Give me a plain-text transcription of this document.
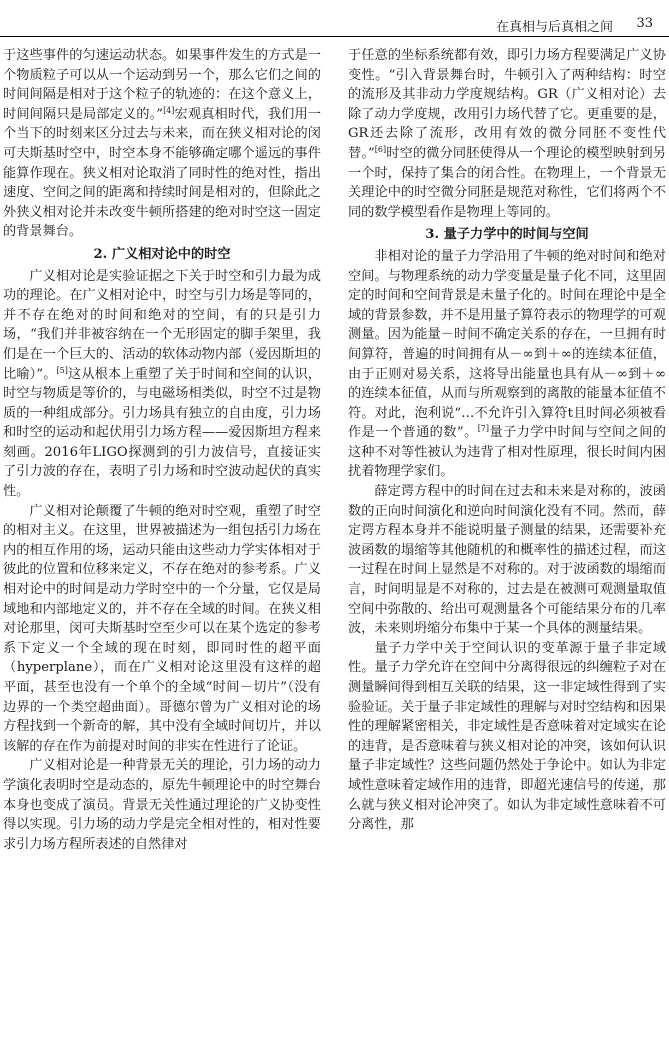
在真相与后真相之间 33

于这些事件的匀速运动状态。如果事件发生的方式是一个物质粒子可以从一个运动到另一个，那么它们之间的时间间隔是相对于这个粒子的轨迹的：在这个意义上，时间间隔只是局部定义的。”[4]宏观真相时代，我们用一个当下的时刻来区分过去与未来，而在狭义相对论的闵可夫斯基时空中，时空本身不能够确定哪个遥远的事件能算作现在。狭义相对论取消了同时性的绝对性，指出速度、空间之间的距离和持续时间是相对的，但除此之外狭义相对论并未改变牛顿所搭建的绝对时空这一固定的背景舞台。

2. 广义相对论中的时空

广义相对论是实验证据之下关于时空和引力最为成功的理论。在广义相对论中，时空与引力场是等同的，并不存在绝对的时间和绝对的空间，有的只是引力场，“我们并非被容纳在一个无形固定的脚手架里，我们是在一个巨大的、活动的软体动物内部（爱因斯坦的比喻）”。[5]这从根本上重塑了关于时间和空间的认识，时空与物质是等价的，与电磁场相类似，时空不过是物质的一种组成部分。引力场具有独立的自由度，引力场和时空的运动和起伏用引力场方程——爱因斯坦方程来刻画。2016年LIGO探测到的引力波信号，直接证实了引力波的存在，表明了引力场和时空波动起伏的真实性。

广义相对论颠覆了牛顿的绝对时空观，重塑了时空的相对主义。在这里，世界被描述为一组包括引力场在内的相互作用的场，运动只能由这些动力学实体相对于彼此的位置和位移来定义，不存在绝对的参考系。广义相对论中的时间是动力学时空中的一个分量，它仅是局域地和内部地定义的，并不存在全域的时间。在狭义相对论那里，闵可夫斯基时空至少可以在某个选定的参考系下定义一个全域的现在时刻，即同时性的超平面（hyperplane），而在广义相对论这里没有这样的超平面，甚至也没有一个单个的全域“时间－切片”（没有边界的一个类空超曲面）。哥德尔曾为广义相对论的场方程找到一个新奇的解，其中没有全域时间切片，并以该解的存在作为前提对时间的非实在性进行了论证。

广义相对论是一种背景无关的理论，引力场的动力学演化表明时空是动态的，原先牛顿理论中的时空舞台本身也变成了演员。背景无关性通过理论的广义协变性得以实现。引力场的动力学是完全相对性的，相对性要求引力场方程所表述的自然律对

于任意的坐标系统都有效，即引力场方程要满足广义协变性。“引入背景舞台时，牛顿引入了两种结构：时空的流形及其非动力学度规结构。GR（广义相对论）去除了动力学度规，改用引力场代替了它。更重要的是，GR还去除了流形，改用有效的微分同胚不变性代替。”[6]时空的微分同胚使得从一个理论的模型映射到另一个时，保持了集合的闭合性。在物理上，一个背景无关理论中的时空微分同胚是规范对称性，它们将两个不同的数学模型看作是物理上等同的。

3. 量子力学中的时间与空间

非相对论的量子力学沿用了牛顿的绝对时间和绝对空间。与物理系统的动力学变量是量子化不同，这里固定的时间和空间背景是未量子化的。时间在理论中是全域的背景参数，并不是用量子算符表示的物理学的可观测量。因为能量－时间不确定关系的存在，一旦拥有时间算符，普遍的时间拥有从－∞到＋∞的连续本征值，由于正则对易关系，这将导出能量也具有从－∞到＋∞的连续本征值，从而与所观察到的离散的能量本征值不符。对此，泡利说“…不允许引入算符t且时间必须被看作是一个普通的数”。[7]量子力学中时间与空间之间的这种不对等性被认为违背了相对性原理，很长时间内困扰着物理学家们。

薛定谔方程中的时间在过去和未来是对称的，波函数的正向时间演化和逆向时间演化没有不同。然而，薛定谔方程本身并不能说明量子测量的结果，还需要补充波函数的塌缩等其他随机的和概率性的描述过程，而这一过程在时间上显然是不对称的。对于波函数的塌缩而言，时间明显是不对称的，过去是在被测可观测量取值空间中弥散的、给出可观测量各个可能结果分布的几率波，未来则坍缩分布集中于某一个具体的测量结果。

量子力学中关于空间认识的变革源于量子非定域性。量子力学允许在空间中分离得很远的纠缠粒子对在测量瞬间得到相互关联的结果，这一非定域性得到了实验验证。关于量子非定域性的理解与对时空结构和因果性的理解紧密相关，非定域性是否意味着对定域实在论的违背，是否意味着与狭义相对论的冲突，该如何认识量子非定域性？这些问题仍然处于争论中。如认为非定域性意味着定域作用的违背，即超光速信号的传递，那么就与狭义相对论冲突了。如认为非定域性意味着不可分离性，那
